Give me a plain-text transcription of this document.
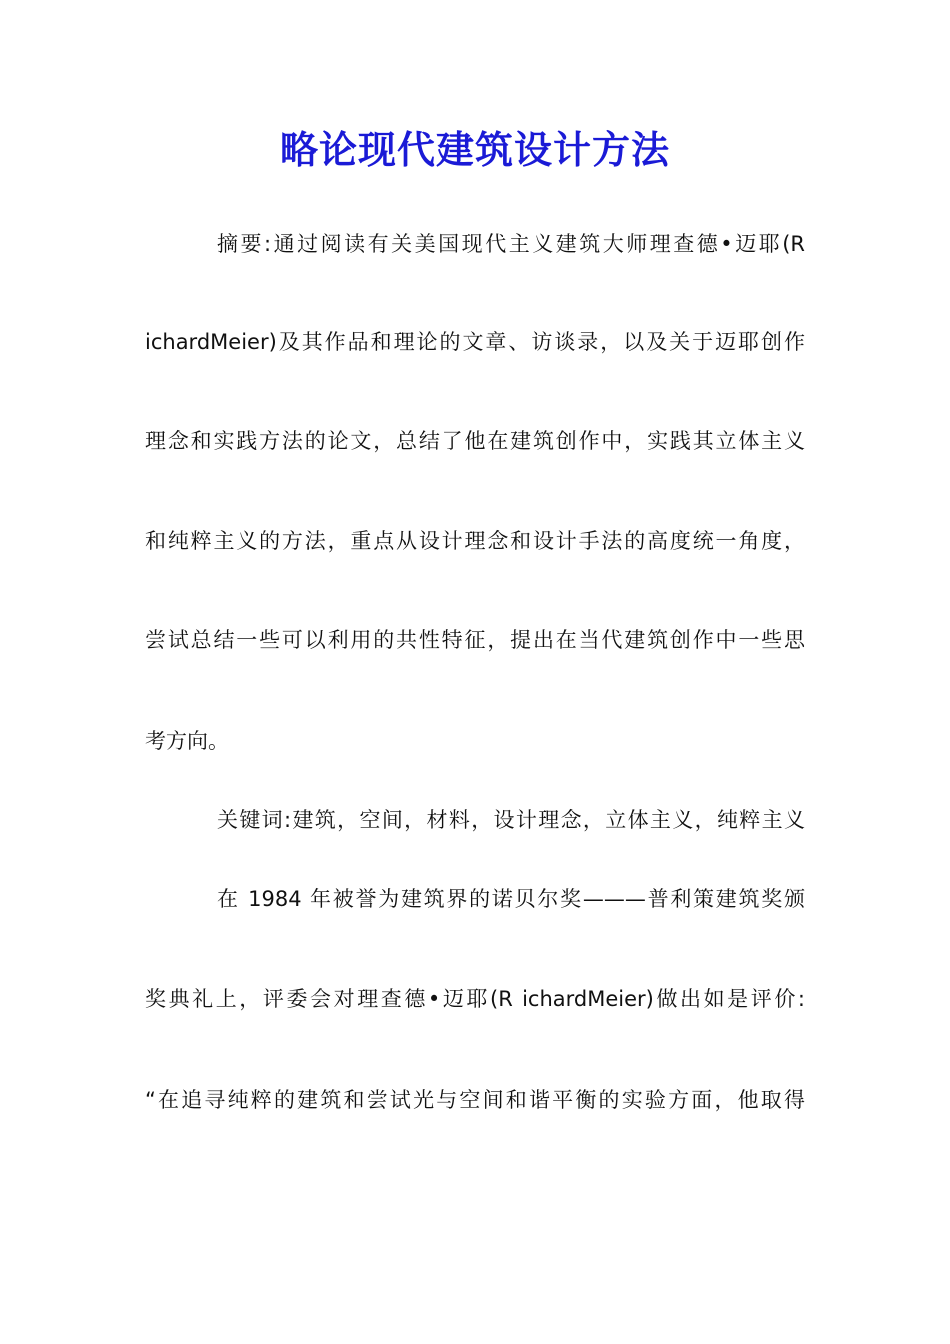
略论现代建筑设计方法
摘要:通过阅读有关美国现代主义建筑大师理查德•迈耶(R
ichardMeier)及其作品和理论的文章、访谈录，以及关于迈耶创作
理念和实践方法的论文，总结了他在建筑创作中，实践其立体主义
和纯粹主义的方法，重点从设计理念和设计手法的高度统一角度，
尝试总结一些可以利用的共性特征，提出在当代建筑创作中一些思
考方向。
关键词:建筑，空间，材料，设计理念，立体主义，纯粹主义
在 1984 年被誉为建筑界的诺贝尔奖———普利策建筑奖颁
奖典礼上，评委会对理查德•迈耶(R ichardMeier)做出如是评价:
“在追寻纯粹的建筑和尝试光与空间和谐平衡的实验方面，他取得
